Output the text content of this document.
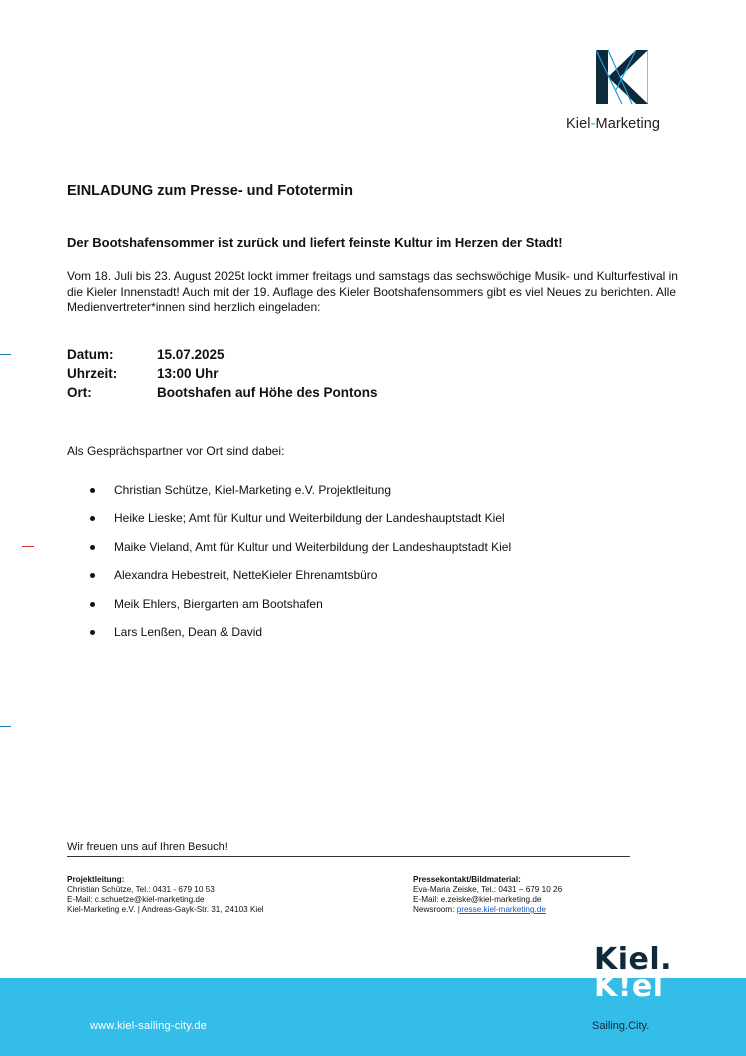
Kiel-Marketing
EINLADUNG zum Presse- und Fototermin
Der Bootshafensommer ist zurück und liefert feinste Kultur im Herzen der Stadt!

Vom 18. Juli bis 23. August 2025t lockt immer freitags und samstags das sechswöchige Musik- und Kulturfestival in die Kieler Innenstadt! Auch mit der 19. Auflage des Kieler Bootshafensommers gibt es viel Neues zu berichten. Alle Medienvertreter*innen sind herzlich eingeladen:

Datum:	15.07.2025
Uhrzeit:	13:00 Uhr
Ort:	Bootshafen auf Höhe des Pontons
Als Gesprächspartner vor Ort sind dabei:
Christian Schütze, Kiel-Marketing e.V. Projektleitung
Heike Lieske; Amt für Kultur und Weiterbildung der Landeshauptstadt Kiel
Maike Vieland, Amt für Kultur und Weiterbildung der Landeshauptstadt Kiel
Alexandra Hebestreit, NetteKieler Ehrenamtsbüro
Meik Ehlers, Biergarten am Bootshafen
Lars Lenßen, Dean & David
Wir freuen uns auf Ihren Besuch!
Projektleitung:
Christian Schütze, Tel.: 0431 - 679 10 53
E-Mail: c.schuetze@kiel-marketing.de
Kiel-Marketing e.V. | Andreas-Gayk-Str. 31, 24103 Kiel
Pressekontakt/Bildmaterial:
Eva-Maria Zeiske, Tel.: 0431 – 679 10 26
E-Mail: e.zeiske@kiel-marketing.de
Newsroom: presse.kiel-marketing.de
www.kiel-sailing-city.de
Kiel.
K!el
Sailing.City.
